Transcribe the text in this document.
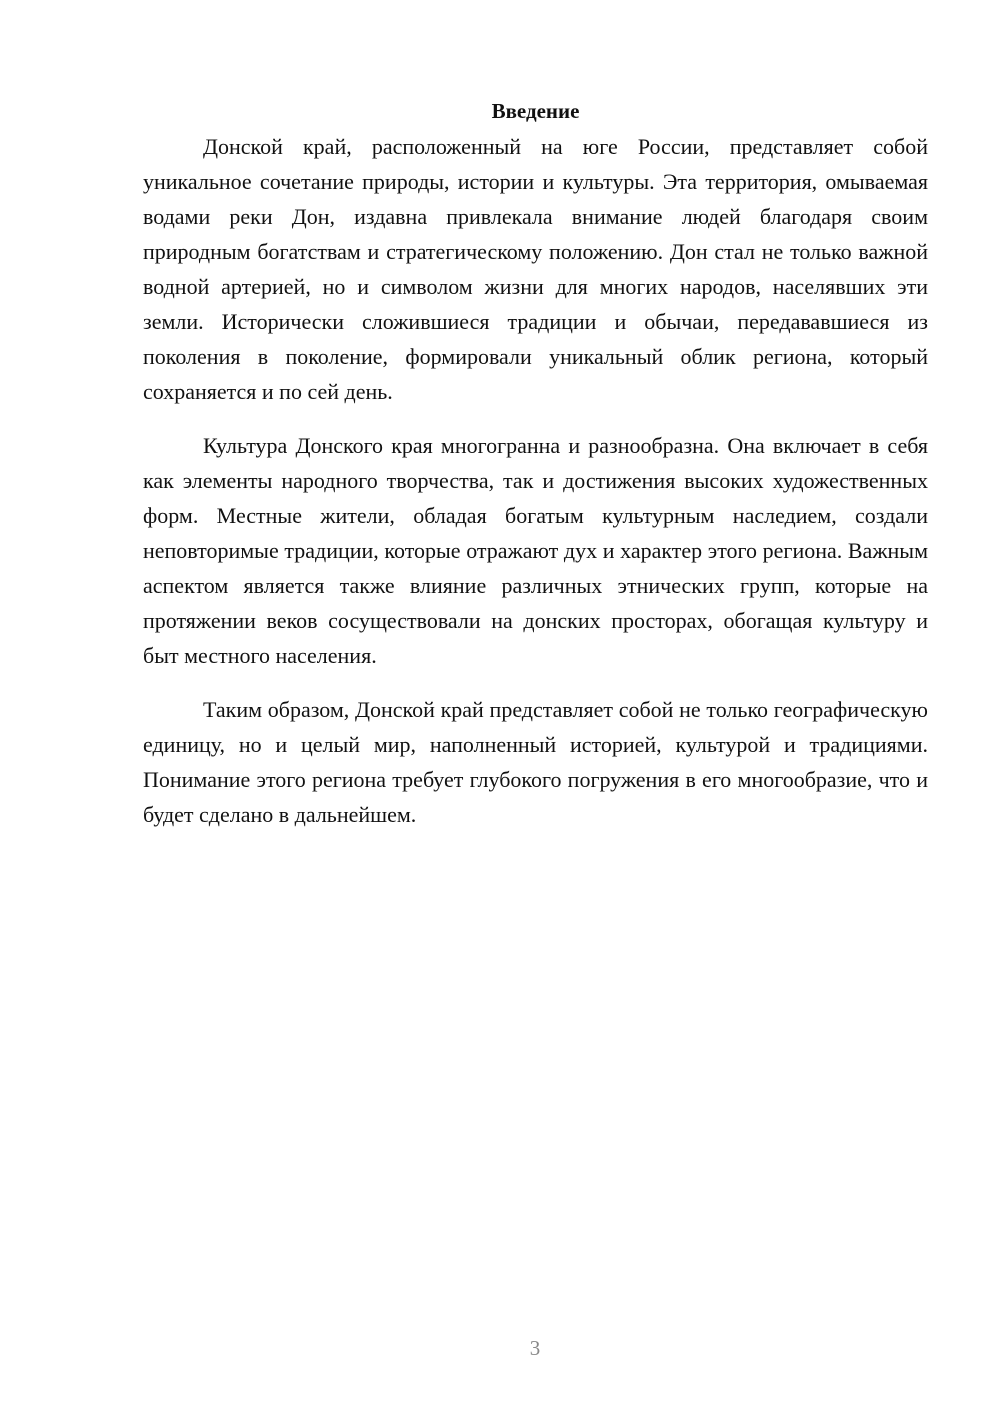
Введение

Донской край, расположенный на юге России, представляет собой уникальное сочетание природы, истории и культуры. Эта территория, омываемая водами реки Дон, издавна привлекала внимание людей благодаря своим природным богатствам и стратегическому положению. Дон стал не только важной водной артерией, но и символом жизни для многих народов, населявших эти земли. Исторически сложившиеся традиции и обычаи, передававшиеся из поколения в поколение, формировали уникальный облик региона, который сохраняется и по сей день.

Культура Донского края многогранна и разнообразна. Она включает в себя как элементы народного творчества, так и достижения высоких художественных форм. Местные жители, обладая богатым культурным наследием, создали неповторимые традиции, которые отражают дух и характер этого региона. Важным аспектом является также влияние различных этнических групп, которые на протяжении веков сосуществовали на донских просторах, обогащая культуру и быт местного населения.

Таким образом, Донской край представляет собой не только географическую единицу, но и целый мир, наполненный историей, культурой и традициями. Понимание этого региона требует глубокого погружения в его многообразие, что и будет сделано в дальнейшем.

3
